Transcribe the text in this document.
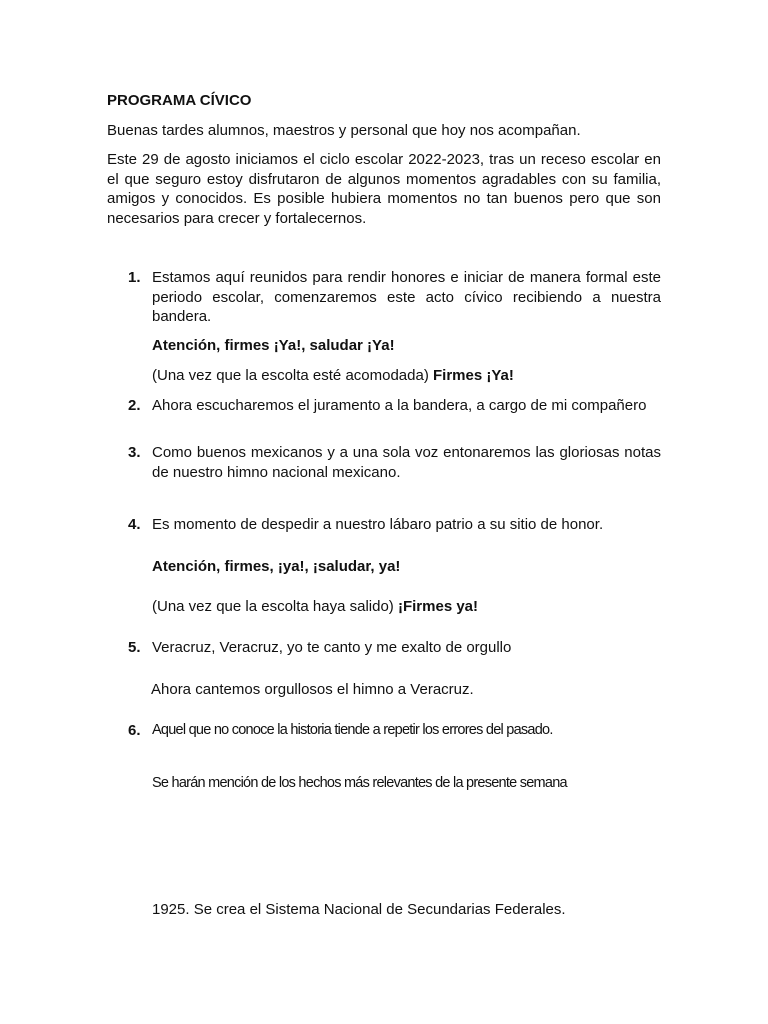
PROGRAMA CÍVICO
Buenas tardes alumnos, maestros y personal que hoy nos acompañan.
Este 29 de agosto iniciamos el ciclo escolar 2022-2023, tras un receso escolar en el que seguro estoy disfrutaron de algunos momentos agradables con su familia, amigos y conocidos. Es posible hubiera momentos no tan buenos pero que son necesarios para crecer y fortalecernos.
1. Estamos aquí reunidos para rendir honores e iniciar de manera formal este periodo escolar, comenzaremos este acto cívico recibiendo a nuestra bandera.
Atención, firmes ¡Ya!, saludar ¡Ya!
(Una vez que la escolta esté acomodada) Firmes ¡Ya!
2. Ahora escucharemos el juramento a la bandera, a cargo de mi compañero
3. Como buenos mexicanos y a una sola voz entonaremos las gloriosas notas de nuestro himno nacional mexicano.
4. Es momento de despedir a nuestro lábaro patrio a su sitio de honor.
Atención, firmes, ¡ya!, ¡saludar, ya!
(Una vez que la escolta haya salido) ¡Firmes ya!
5. Veracruz, Veracruz, yo te canto y me exalto de orgullo
Ahora cantemos orgullosos el himno a Veracruz.
6. Aquel que no conoce la historia tiende a repetir los errores del pasado.
Se harán mención de los hechos más relevantes de la presente semana
1925. Se crea el Sistema Nacional de Secundarias Federales.
